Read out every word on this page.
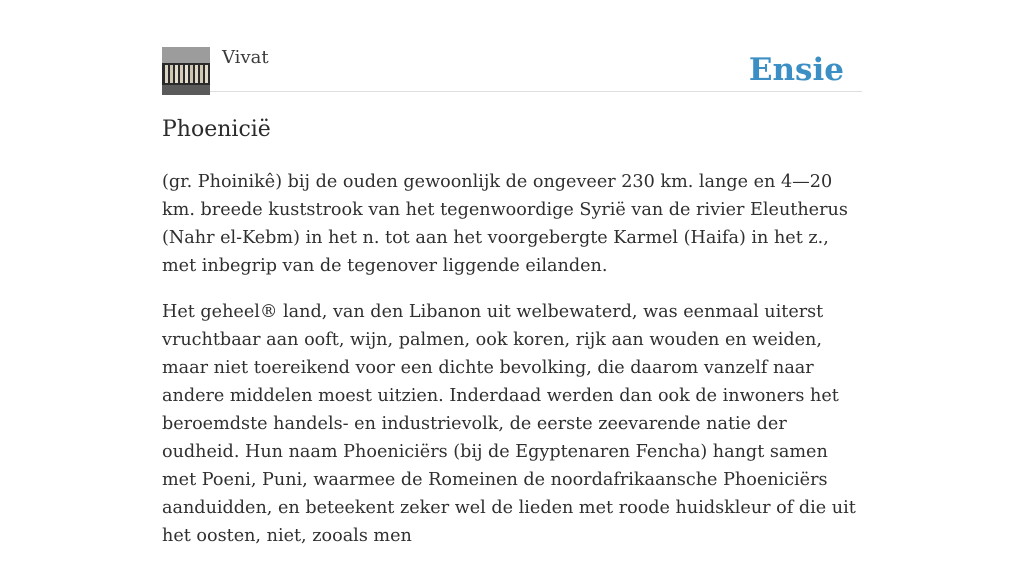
Vivat	Ensie
Phoenicië

(gr. Phoinikê) bij de ouden gewoonlijk de ongeveer 230 km. lange en 4—20 km. breede kuststrook van het tegenwoordige Syrië van de rivier Eleutherus (Nahr el-Kebm) in het n. tot aan het voorgebergte Karmel (Haifa) in het z., met inbegrip van de tegenover liggende eilanden.

Het geheel® land, van den Libanon uit welbewaterd, was eenmaal uiterst vruchtbaar aan ooft, wijn, palmen, ook koren, rijk aan wouden en weiden, maar niet toereikend voor een dichte bevolking, die daarom vanzelf naar andere middelen moest uitzien. Inderdaad werden dan ook de inwoners het beroemdste handels- en industrievolk, de eerste zeevarende natie der oudheid. Hun naam Phoeniciërs (bij de Egyptenaren Fencha) hangt samen met Poeni, Puni, waarmee de Romeinen de noordafrikaansche Phoeniciërs aanduidden, en beteekent zeker wel de lieden met roode huidskleur of die uit het oosten, niet, zooals men
